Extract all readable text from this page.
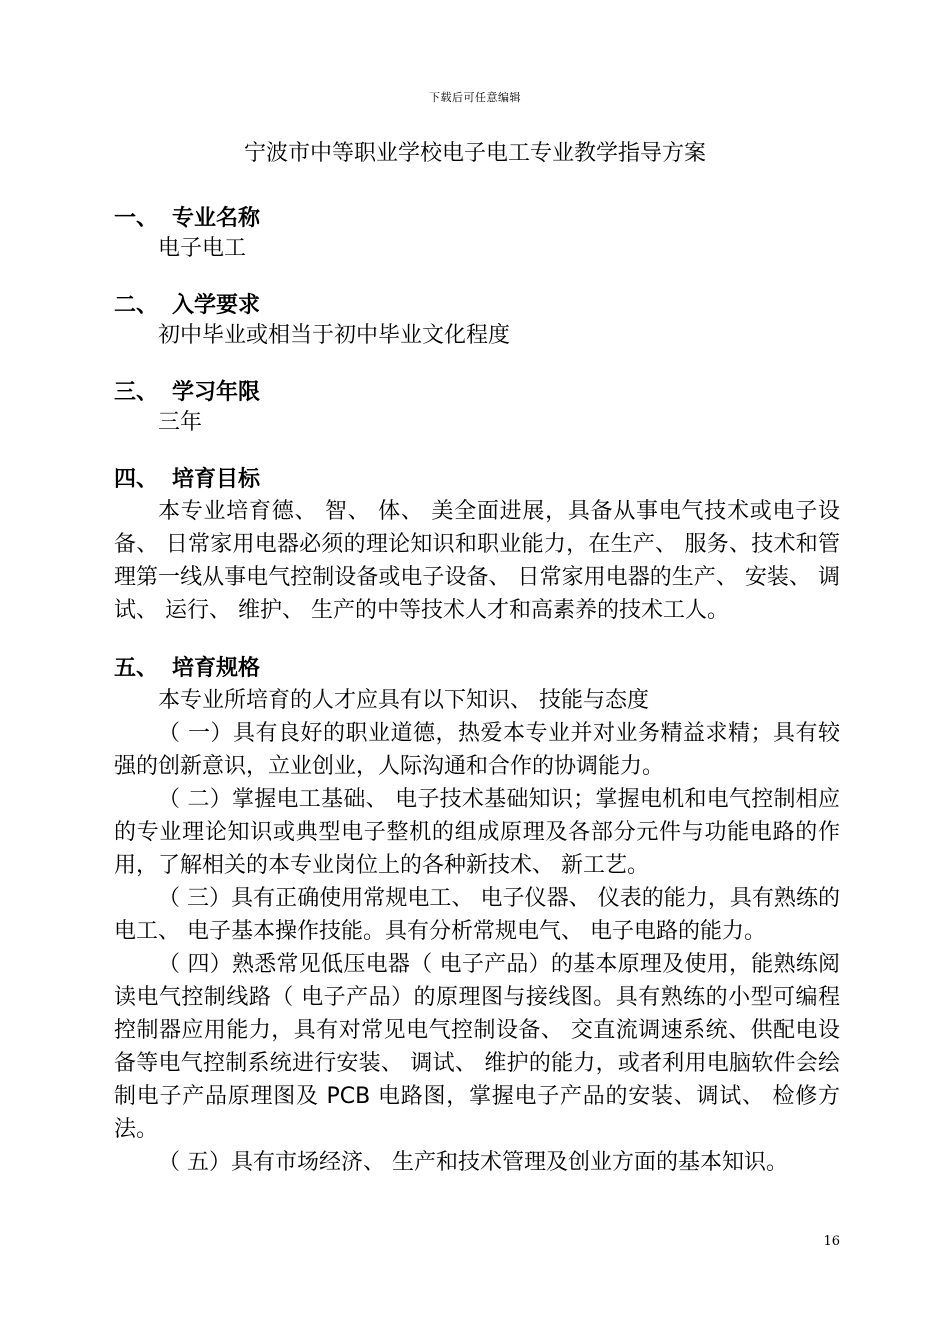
下载后可任意编辑
宁波市中等职业学校电子电工专业教学指导方案
一、 专业名称
电子电工
二、 入学要求
初中毕业或相当于初中毕业文化程度
三、 学习年限
三年
四、 培育目标

本专业培育德、 智、 体、 美全面进展，具备从事电气技术或电子设备、 日常家用电器必须的理论知识和职业能力，在生产、 服务、技术和管理第一线从事电气控制设备或电子设备、 日常家用电器的生产、 安装、 调试、 运行、 维护、 生产的中等技术人才和高素养的技术工人。

五、 培育规格

本专业所培育的人才应具有以下知识、 技能与态度

（ 一）具有良好的职业道德，热爱本专业并对业务精益求精；具有较强的创新意识，立业创业，人际沟通和合作的协调能力。

（ 二）掌握电工基础、 电子技术基础知识；掌握电机和电气控制相应的专业理论知识或典型电子整机的组成原理及各部分元件与功能电路的作用，了解相关的本专业岗位上的各种新技术、 新工艺。

（ 三）具有正确使用常规电工、 电子仪器、 仪表的能力，具有熟练的电工、 电子基本操作技能。具有分析常规电气、 电子电路的能力。

（ 四）熟悉常见低压电器（ 电子产品）的基本原理及使用，能熟练阅读电气控制线路（ 电子产品）的原理图与接线图。具有熟练的小型可编程控制器应用能力，具有对常见电气控制设备、 交直流调速系统、供配电设备等电气控制系统进行安装、 调试、 维护的能力，或者利用电脑软件会绘制电子产品原理图及 PCB 电路图，掌握电子产品的安装、调试、 检修方法。

（ 五）具有市场经济、 生产和技术管理及创业方面的基本知识。

16
